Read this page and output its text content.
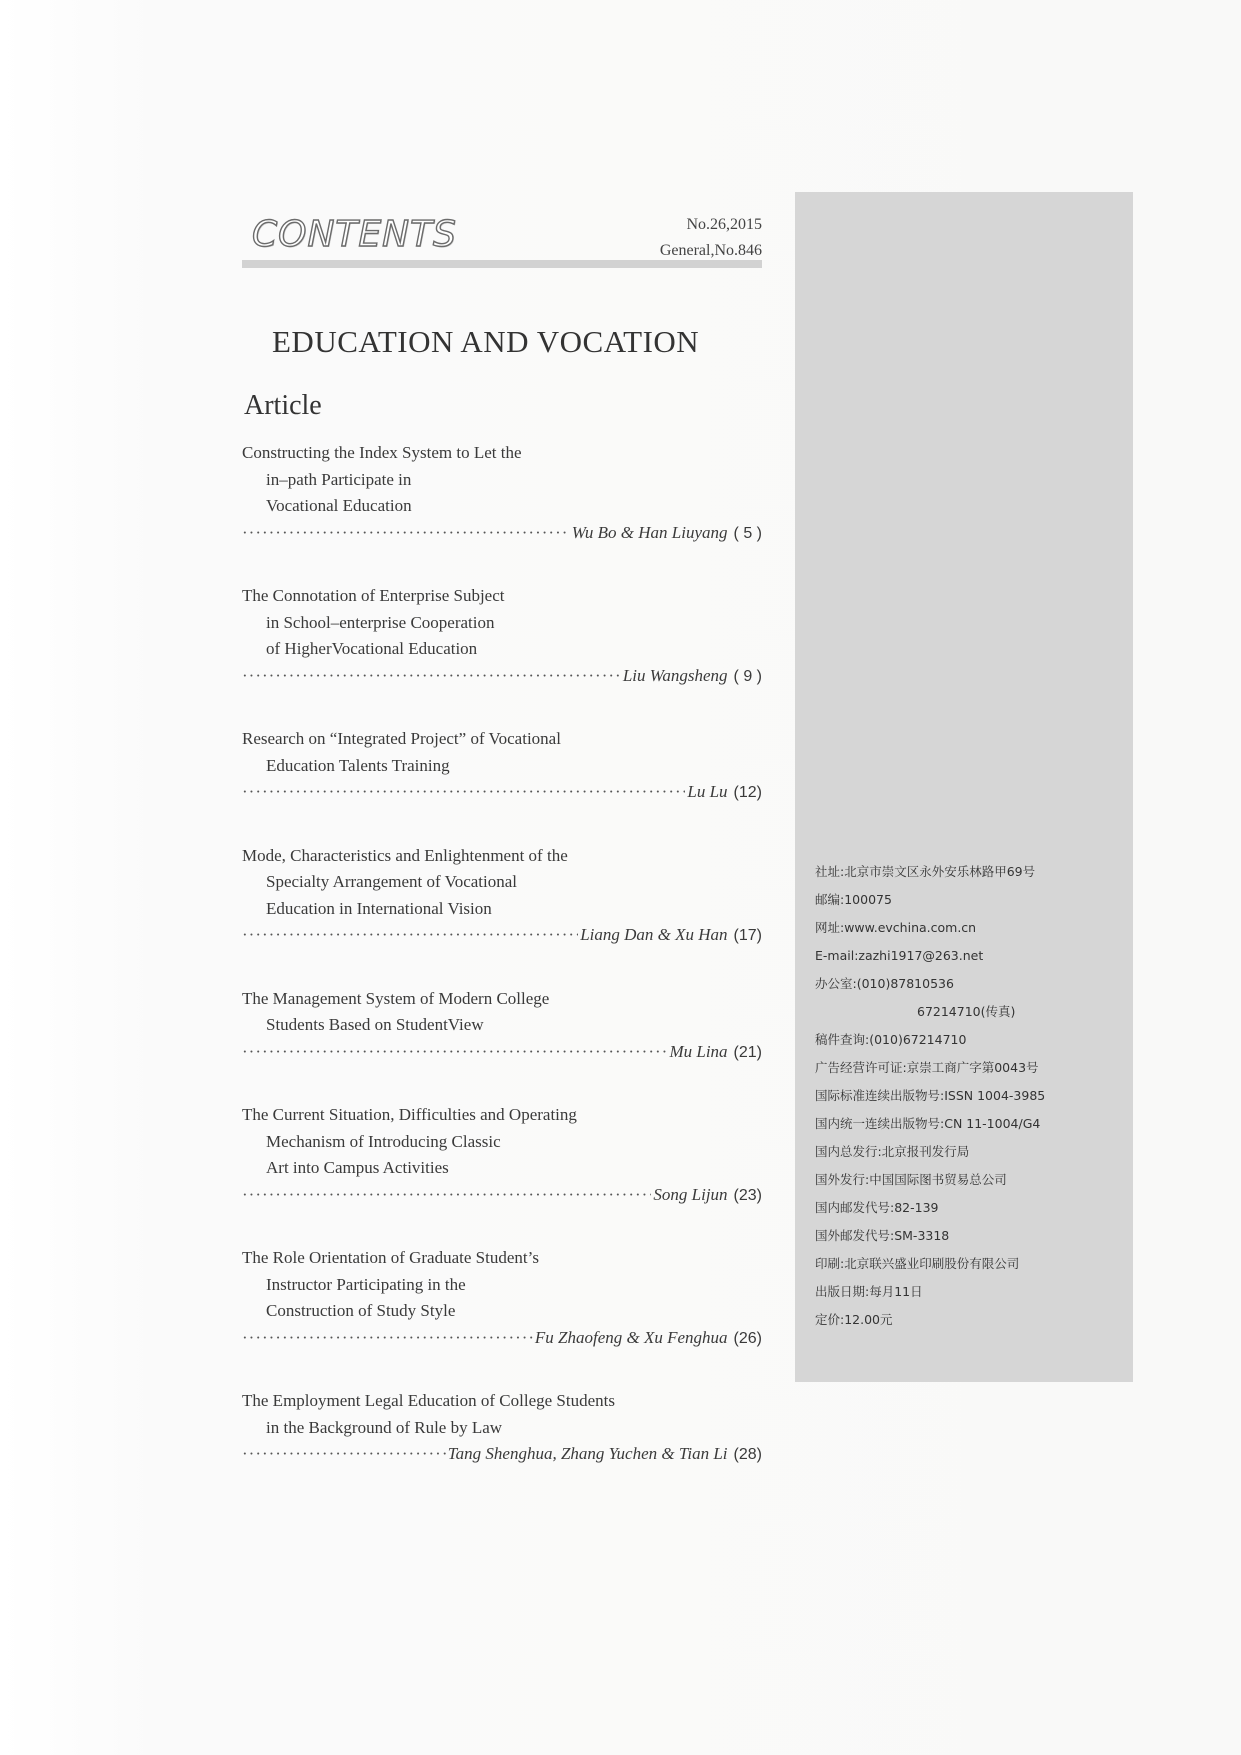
CONTENTS	No.26,2015
General,No.846
EDUCATION AND VOCATION
Article
Constructing the Index System to Let the
in–path Participate in
Vocational Education
·····
Wu Bo & Han Liuyang ( 5 )
The Connotation of Enterprise Subject
in School–enterprise Cooperation
of HigherVocational Education
·····
Liu Wangsheng ( 9 )
Research on “Integrated Project” of Vocational
Education Talents Training
·····
Lu Lu (12)
Mode, Characteristics and Enlightenment of the
Specialty Arrangement of Vocational
Education in International Vision
·····
Liang Dan & Xu Han (17)
The Management System of Modern College
Students Based on StudentView
·····
Mu Lina (21)
The Current Situation, Difficulties and Operating
Mechanism of Introducing Classic
Art into Campus Activities
·····
Song Lijun (23)
The Role Orientation of Graduate Student’s
Instructor Participating in the
Construction of Study Style
·····
Fu Zhaofeng & Xu Fenghua (26)
The Employment Legal Education of College Students
in the Background of Rule by Law
·····
Tang Shenghua, Zhang Yuchen & Tian Li (28)
社址:北京市崇文区永外安乐林路甲69号
邮编:100075
网址:www.evchina.com.cn
E-mail:zazhi1917@263.net
办公室:(010)87810536
67214710(传真)
稿件查询:(010)67214710
广告经营许可证:京崇工商广字第0043号
国际标准连续出版物号:ISSN 1004-3985
国内统一连续出版物号:CN 11-1004/G4
国内总发行:北京报刊发行局
国外发行:中国国际图书贸易总公司
国内邮发代号:82-139
国外邮发代号:SM-3318
印刷:北京联兴盛业印刷股份有限公司
出版日期:每月11日
定价:12.00元
